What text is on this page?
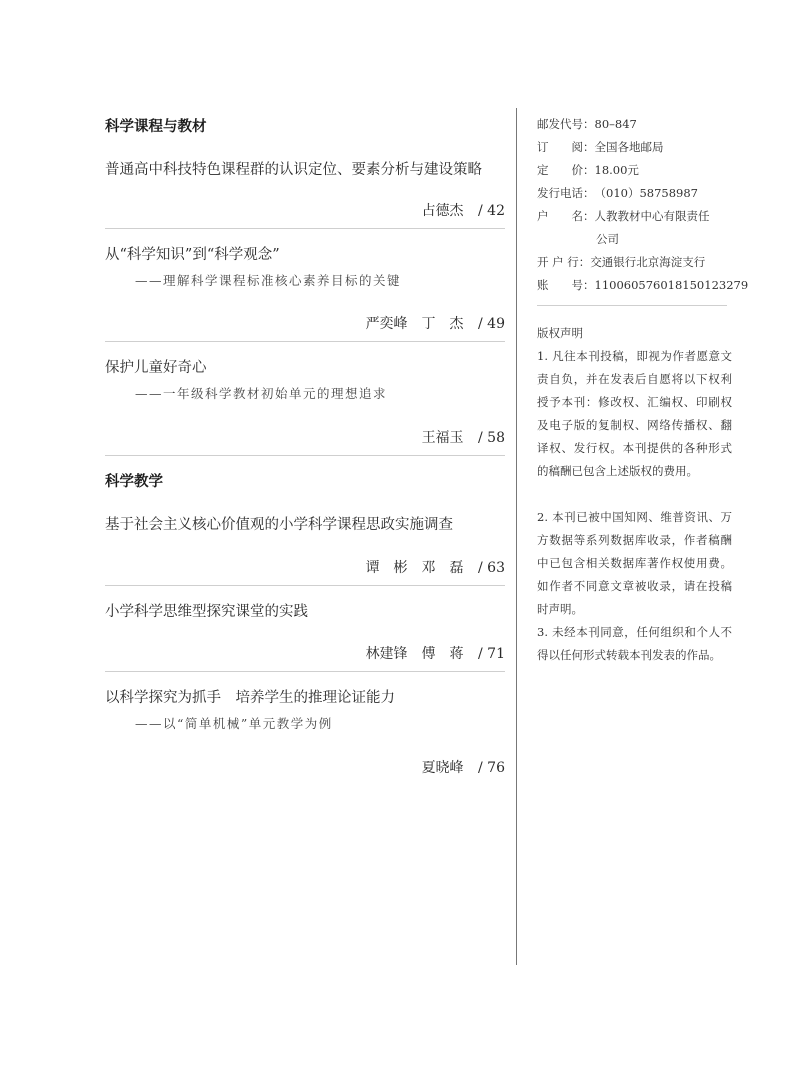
科学课程与教材
普通高中科技特色课程群的认识定位、要素分析与建设策略
占德杰 / 42
从“科学知识”到“科学观念”
——理解科学课程标准核心素养目标的关键
严奕峰　丁　杰 / 49
保护儿童好奇心
——一年级科学教材初始单元的理想追求
王福玉 / 58
科学教学
基于社会主义核心价值观的小学科学课程思政实施调查
谭　彬　邓　磊 / 63
小学科学思维型探究课堂的实践
林建锋　傅　蒋 / 71
以科学探究为抓手　培养学生的推理论证能力
——以“简单机械”单元教学为例
夏晓峰 / 76
邮发代号：80–847
订　　阅：全国各地邮局
定　　价：18.00元
发行电话：（010）58758987
户　　名：人教教材中心有限责任
公司
开 户 行：交通银行北京海淀支行
账　　号：110060576018150123279
版权声明
1. 凡往本刊投稿，即视为作者愿意文责自负，并在发表后自愿将以下权利授予本刊：修改权、汇编权、印刷权及电子版的复制权、网络传播权、翻译权、发行权。本刊提供的各种形式的稿酬已包含上述版权的费用。
2. 本刊已被中国知网、维普资讯、万方数据等系列数据库收录，作者稿酬中已包含相关数据库著作权使用费。如作者不同意文章被收录，请在投稿时声明。
3. 未经本刊同意，任何组织和个人不得以任何形式转载本刊发表的作品。
